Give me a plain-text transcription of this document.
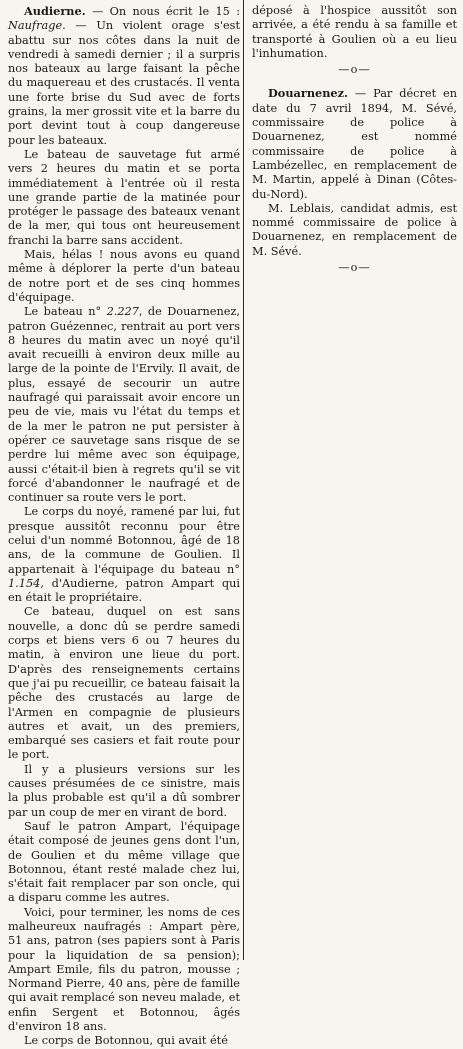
Audierne. — On nous écrit le 15 : Naufrage. — Un violent orage s'est abattu sur nos côtes dans la nuit de vendredi à samedi dernier ; il a surpris nos bateaux au large faisant la pêche du maquereau et des crustacés. Il venta une forte brise du Sud avec de forts grains, la mer grossit vite et la barre du port devint tout à coup dangereuse pour les bateaux.

Le bateau de sauvetage fut armé vers 2 heures du matin et se porta immédiatement à l'entrée où il resta une grande partie de la matinée pour protéger le passage des bateaux venant de la mer, qui tous ont heureusement franchi la barre sans accident.

Mais, hélas ! nous avons eu quand même à déplorer la perte d'un bateau de notre port et de ses cinq hommes d'équipage.

Le bateau n° 2.227, de Douarnenez, patron Guézennec, rentrait au port vers 8 heures du matin avec un noyé qu'il avait recueilli à environ deux mille au large de la pointe de l'Ervily. Il avait, de plus, essayé de secourir un autre naufragé qui paraissait avoir encore un peu de vie, mais vu l'état du temps et de la mer le patron ne put persister à opérer ce sauvetage sans risque de se perdre lui même avec son équipage, aussi c'était-il bien à regrets qu'il se vit forcé d'abandonner le naufragé et de continuer sa route vers le port.

Le corps du noyé, ramené par lui, fut presque aussitôt reconnu pour être celui d'un nommé Botonnou, âgé de 18 ans, de la commune de Goulien. Il appartenait à l'équipage du bateau n° 1.154, d'Audierne, patron Ampart qui en était le propriétaire.

Ce bateau, duquel on est sans nouvelle, a donc dû se perdre samedi corps et biens vers 6 ou 7 heures du matin, à environ une lieue du port. D'après des renseignements certains que j'ai pu recueillir, ce bateau faisait la pêche des crustacés au large de l'Armen en compagnie de plusieurs autres et avait, un des premiers, embarqué ses casiers et fait route pour le port.

Il y a plusieurs versions sur les causes présumées de ce sinistre, mais la plus probable est qu'il a dû sombrer par un coup de mer en virant de bord.

Sauf le patron Ampart, l'équipage était composé de jeunes gens dont l'un, de Goulien et du même village que Botonnou, étant resté malade chez lui, s'était fait remplacer par son oncle, qui a disparu comme les autres.

Voici, pour terminer, les noms de ces malheureux naufragés : Ampart père, 51 ans, patron (ses papiers sont à Paris pour la liquidation de sa pension); Ampart Emile, fils du patron, mousse ; Normand Pierre, 40 ans, père de famille qui avait remplacé son neveu malade, et enfin Sergent et Botonnou, âgés d'environ 18 ans.

Le corps de Botonnou, qui avait été

déposé à l'hospice aussitôt son arrivée, a été rendu à sa famille et transporté à Goulien où a eu lieu l'inhumation.

—o—

Douarnenez. — Par décret en date du 7 avril 1894, M. Sévé, commissaire de police à Douarnenez, est nommé commissaire de police à Lambézellec, en remplacement de M. Martin, appelé à Dinan (Côtes-du-Nord).

M. Leblais, candidat admis, est nommé commissaire de police à Douarnenez, en remplacement de M. Sévé.

—o—
